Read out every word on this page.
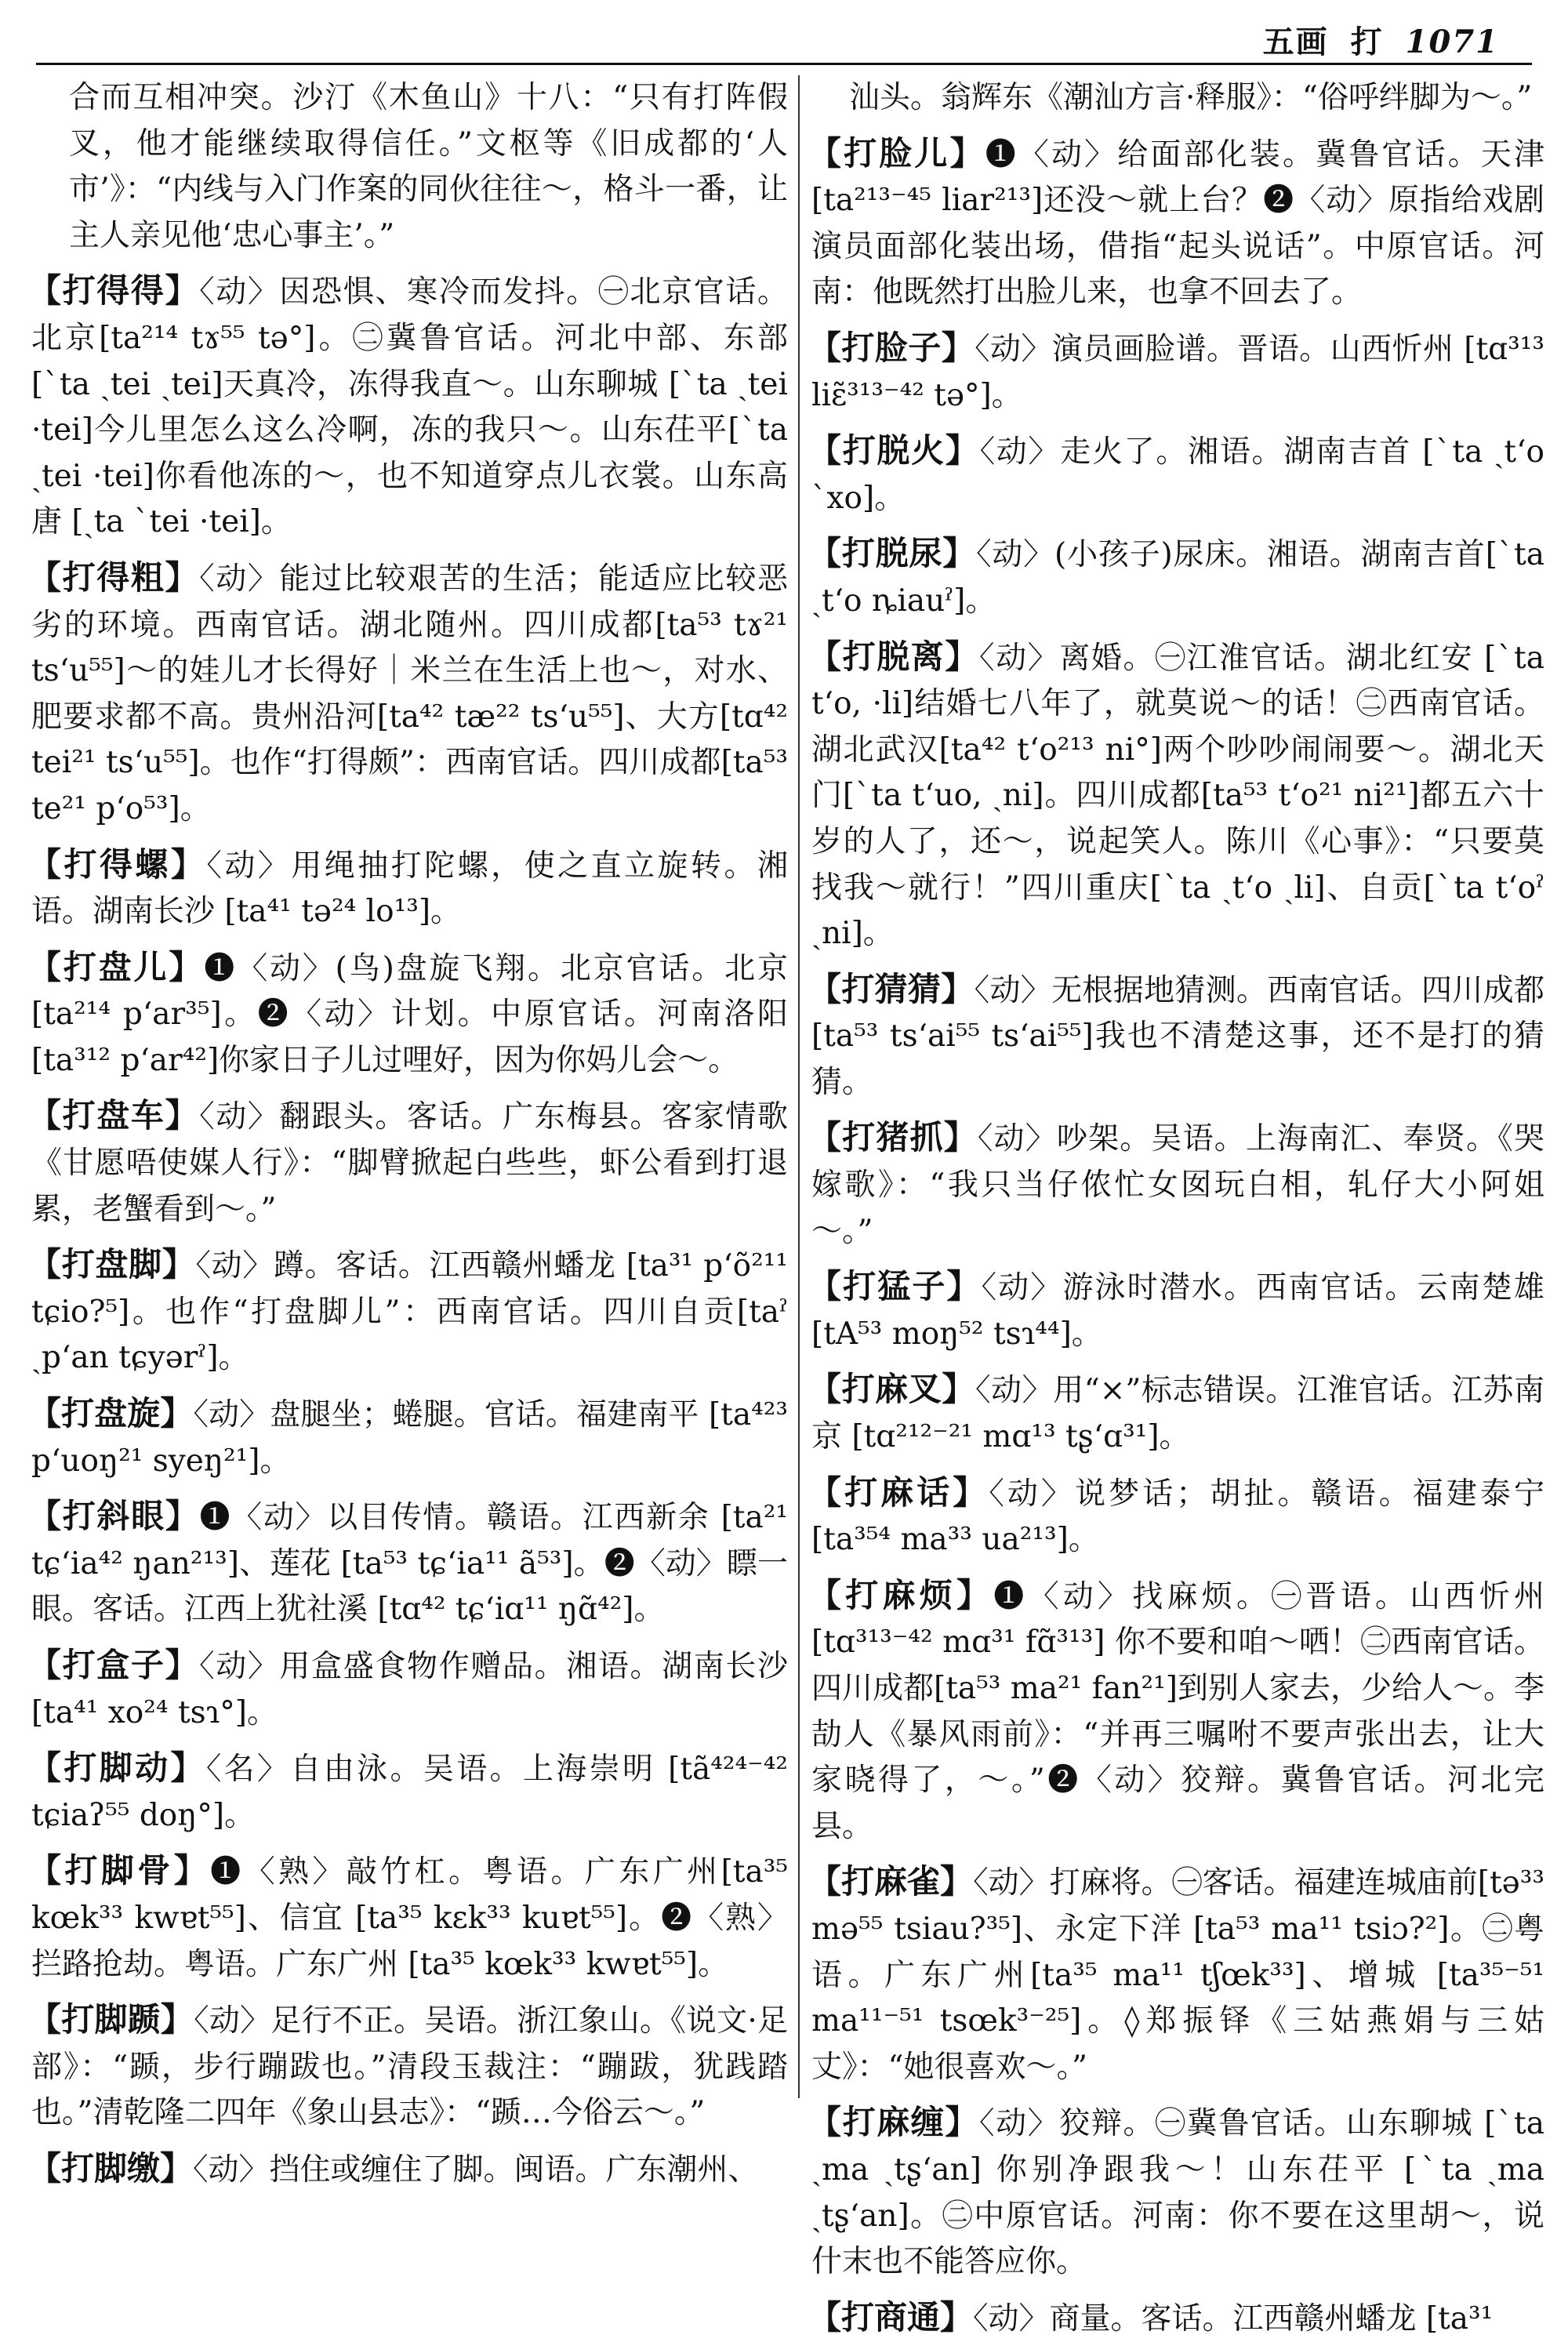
五画 打 1071

合而互相冲突。沙汀《木鱼山》十八：“只有打阵假叉，他才能继续取得信任。”文枢等《旧成都的‘人市’》：“内线与入门作案的同伙往往～，格斗一番，让主人亲见他‘忠心事主’。”

【打得得】〈动〉因恐惧、寒冷而发抖。㊀北京官话。北京[ta²¹⁴ tɤ⁵⁵ tə°]。㊁冀鲁官话。河北中部、东部[ˋta ˏtei ˏtei]天真冷，冻得我直～。山东聊城 [ˋta ˏtei ·tei]今儿里怎么这么冷啊，冻的我只～。山东茌平[ˋta ˏtei ·tei]你看他冻的～，也不知道穿点儿衣裳。山东高唐 [ˏta ˋtei ·tei]。

【打得粗】〈动〉能过比较艰苦的生活；能适应比较恶劣的环境。西南官话。湖北随州。四川成都[ta⁵³ tɤ²¹ tsʻu⁵⁵]～的娃儿才长得好｜米兰在生活上也～，对水、肥要求都不高。贵州沿河[ta⁴² tæ²² tsʻu⁵⁵]、大方[tɑ⁴² tei²¹ tsʻu⁵⁵]。也作“打得颇”：西南官话。四川成都[ta⁵³ te²¹ pʻo⁵³]。

【打得螺】〈动〉用绳抽打陀螺，使之直立旋转。湘语。湖南长沙 [ta⁴¹ tə²⁴ lo¹³]。

【打盘儿】❶〈动〉(鸟)盘旋飞翔。北京官话。北京[ta²¹⁴ pʻar³⁵]。❷〈动〉计划。中原官话。河南洛阳 [ta³¹² pʻar⁴²]你家日子儿过哩好，因为你妈儿会～。

【打盘车】〈动〉翻跟头。客话。广东梅县。客家情歌《甘愿唔使媒人行》：“脚臂掀起白些些，虾公看到打退累，老蟹看到～。”

【打盘脚】〈动〉蹲。客话。江西赣州蟠龙 [ta³¹ pʻõ²¹¹ tɕio?⁵]。也作“打盘脚儿”：西南官话。四川自贡[taˀ ˏpʻan tɕyərˀ]。

【打盘旋】〈动〉盘腿坐；蜷腿。官话。福建南平 [ta⁴²³ pʻuoŋ²¹ syeŋ²¹]。

【打斜眼】❶〈动〉以目传情。赣语。江西新余 [ta²¹ tɕʻia⁴² ŋan²¹³]、莲花 [ta⁵³ tɕʻia¹¹ ã⁵³]。❷〈动〉瞟一眼。客话。江西上犹社溪 [tɑ⁴² tɕʻiɑ¹¹ ŋɑ̃⁴²]。

【打盒子】〈动〉用盒盛食物作赠品。湘语。湖南长沙 [ta⁴¹ xo²⁴ tsɿ°]。

【打脚动】〈名〉自由泳。吴语。上海崇明 [tã⁴²⁴⁻⁴² tɕiaʔ⁵⁵ doŋ°]。

【打脚骨】❶〈熟〉敲竹杠。粤语。广东广州[ta³⁵ kœk³³ kwɐt⁵⁵]、信宜 [ta³⁵ kɛk³³ kuɐt⁵⁵]。❷〈熟〉拦路抢劫。粤语。广东广州 [ta³⁵ kœk³³ kwɐt⁵⁵]。

【打脚踬】〈动〉足行不正。吴语。浙江象山。《说文·足部》：“踬，步行蹦跋也。”清段玉裁注：“蹦跋，犹践踏也。”清乾隆二四年《象山县志》：“踬…今俗云～。”

【打脚缴】〈动〉挡住或缠住了脚。闽语。广东潮州、

汕头。翁辉东《潮汕方言·释服》：“俗呼绊脚为～。”

【打脸儿】❶〈动〉给面部化装。冀鲁官话。天津[ta²¹³⁻⁴⁵ liar²¹³]还没～就上台？❷〈动〉原指给戏剧演员面部化装出场，借指“起头说话”。中原官话。河南：他既然打出脸儿来，也拿不回去了。

【打脸子】〈动〉演员画脸谱。晋语。山西忻州 [tɑ³¹³ liɛ̃³¹³⁻⁴² tə°]。

【打脱火】〈动〉走火了。湘语。湖南吉首 [ˋta ˏtʻo ˋxo]。

【打脱尿】〈动〉(小孩子)尿床。湘语。湖南吉首[ˋta ˏtʻo ȵiauˀ]。

【打脱离】〈动〉离婚。㊀江淮官话。湖北红安 [ˋta tʻo, ·li]结婚七八年了，就莫说～的话！㊁西南官话。湖北武汉[ta⁴² tʻo²¹³ ni°]两个吵吵闹闹要～。湖北天门[ˋta tʻuo, ˏni]。四川成都[ta⁵³ tʻo²¹ ni²¹]都五六十岁的人了，还～，说起笑人。陈川《心事》：“只要莫找我～就行！”四川重庆[ˋta ˏtʻo ˏli]、自贡[ˋta tʻoˀ ˏni]。

【打猜猜】〈动〉无根据地猜测。西南官话。四川成都[ta⁵³ tsʻai⁵⁵ tsʻai⁵⁵]我也不清楚这事，还不是打的猜猜。

【打猪抓】〈动〉吵架。吴语。上海南汇、奉贤。《哭嫁歌》：“我只当仔侬忙女囡玩白相，轧仔大小阿姐～。”

【打猛子】〈动〉游泳时潜水。西南官话。云南楚雄 [tA⁵³ moŋ⁵² tsɿ⁴⁴]。

【打麻叉】〈动〉用“×”标志错误。江淮官话。江苏南京 [tɑ²¹²⁻²¹ mɑ¹³ tʂʻɑ³¹]。

【打麻话】〈动〉说梦话；胡扯。赣语。福建泰宁[ta³⁵⁴ ma³³ ua²¹³]。

【打麻烦】❶〈动〉找麻烦。㊀晋语。山西忻州 [tɑ³¹³⁻⁴² mɑ³¹ fɑ̃³¹³] 你不要和咱～哂！㊁西南官话。四川成都[ta⁵³ ma²¹ fan²¹]到别人家去，少给人～。李劼人《暴风雨前》：“并再三嘱咐不要声张出去，让大家晓得了，～。”❷〈动〉狡辩。冀鲁官话。河北完县。

【打麻雀】〈动〉打麻将。㊀客话。福建连城庙前[tə³³ mə⁵⁵ tsiau?³⁵]、永定下洋 [ta⁵³ ma¹¹ tsiɔ?²]。㊁粤语。广东广州[ta³⁵ ma¹¹ tʃœk³³]、增城 [ta³⁵⁻⁵¹ ma¹¹⁻⁵¹ tsœk³⁻²⁵]。◊郑振铎《三姑燕娟与三姑丈》：“她很喜欢～。”

【打麻缠】〈动〉狡辩。㊀冀鲁官话。山东聊城 [ˋta ˏma ˏtʂʻan] 你别净跟我～！山东茌平 [ˋta ˏma ˏtʂʻan]。㊁中原官话。河南：你不要在这里胡～，说什末也不能答应你。

【打商通】〈动〉商量。客话。江西赣州蟠龙 [ta³¹
